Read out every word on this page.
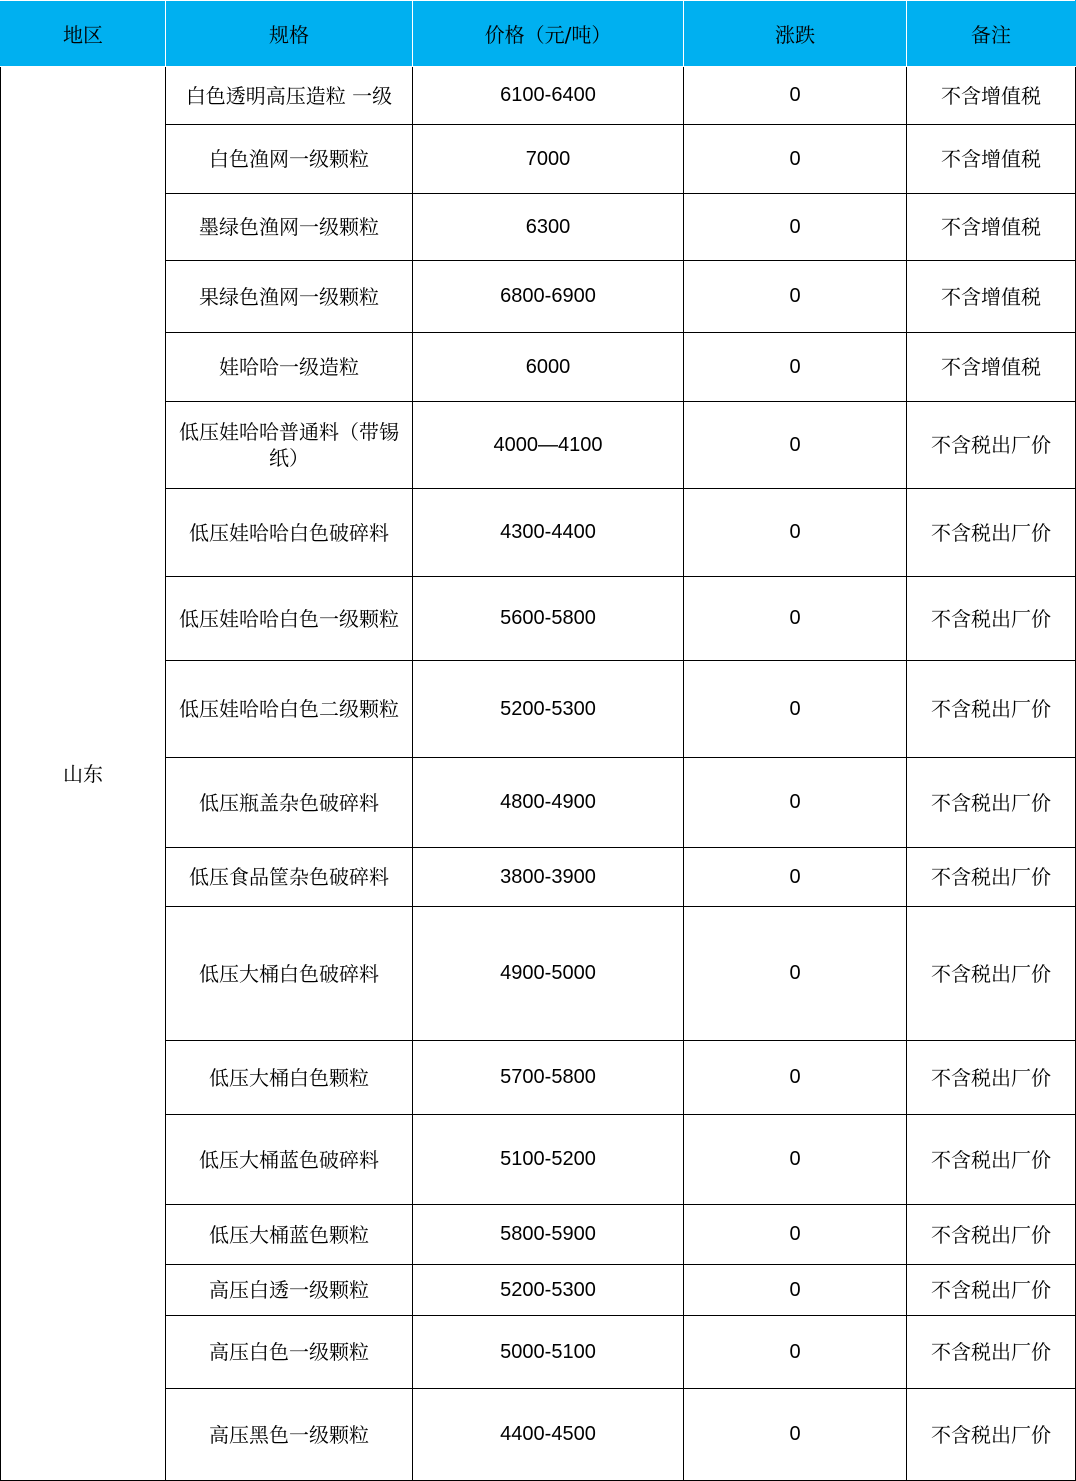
地区	规格	价格（元/吨）	涨跌	备注
山东	白色透明高压造粒 一级	6100-6400	0	不含增值税
	白色渔网一级颗粒	7000	0	不含增值税
	墨绿色渔网一级颗粒	6300	0	不含增值税
	果绿色渔网一级颗粒	6800-6900	0	不含增值税
	娃哈哈一级造粒	6000	0	不含增值税
	低压娃哈哈普通料（带锡纸）	4000—4100	0	不含税出厂价
	低压娃哈哈白色破碎料	4300-4400	0	不含税出厂价
	低压娃哈哈白色一级颗粒	5600-5800	0	不含税出厂价
	低压娃哈哈白色二级颗粒	5200-5300	0	不含税出厂价
	低压瓶盖杂色破碎料	4800-4900	0	不含税出厂价
	低压食品筐杂色破碎料	3800-3900	0	不含税出厂价
	低压大桶白色破碎料	4900-5000	0	不含税出厂价
	低压大桶白色颗粒	5700-5800	0	不含税出厂价
	低压大桶蓝色破碎料	5100-5200	0	不含税出厂价
	低压大桶蓝色颗粒	5800-5900	0	不含税出厂价
	高压白透一级颗粒	5200-5300	0	不含税出厂价
	高压白色一级颗粒	5000-5100	0	不含税出厂价
	高压黑色一级颗粒	4400-4500	0	不含税出厂价
